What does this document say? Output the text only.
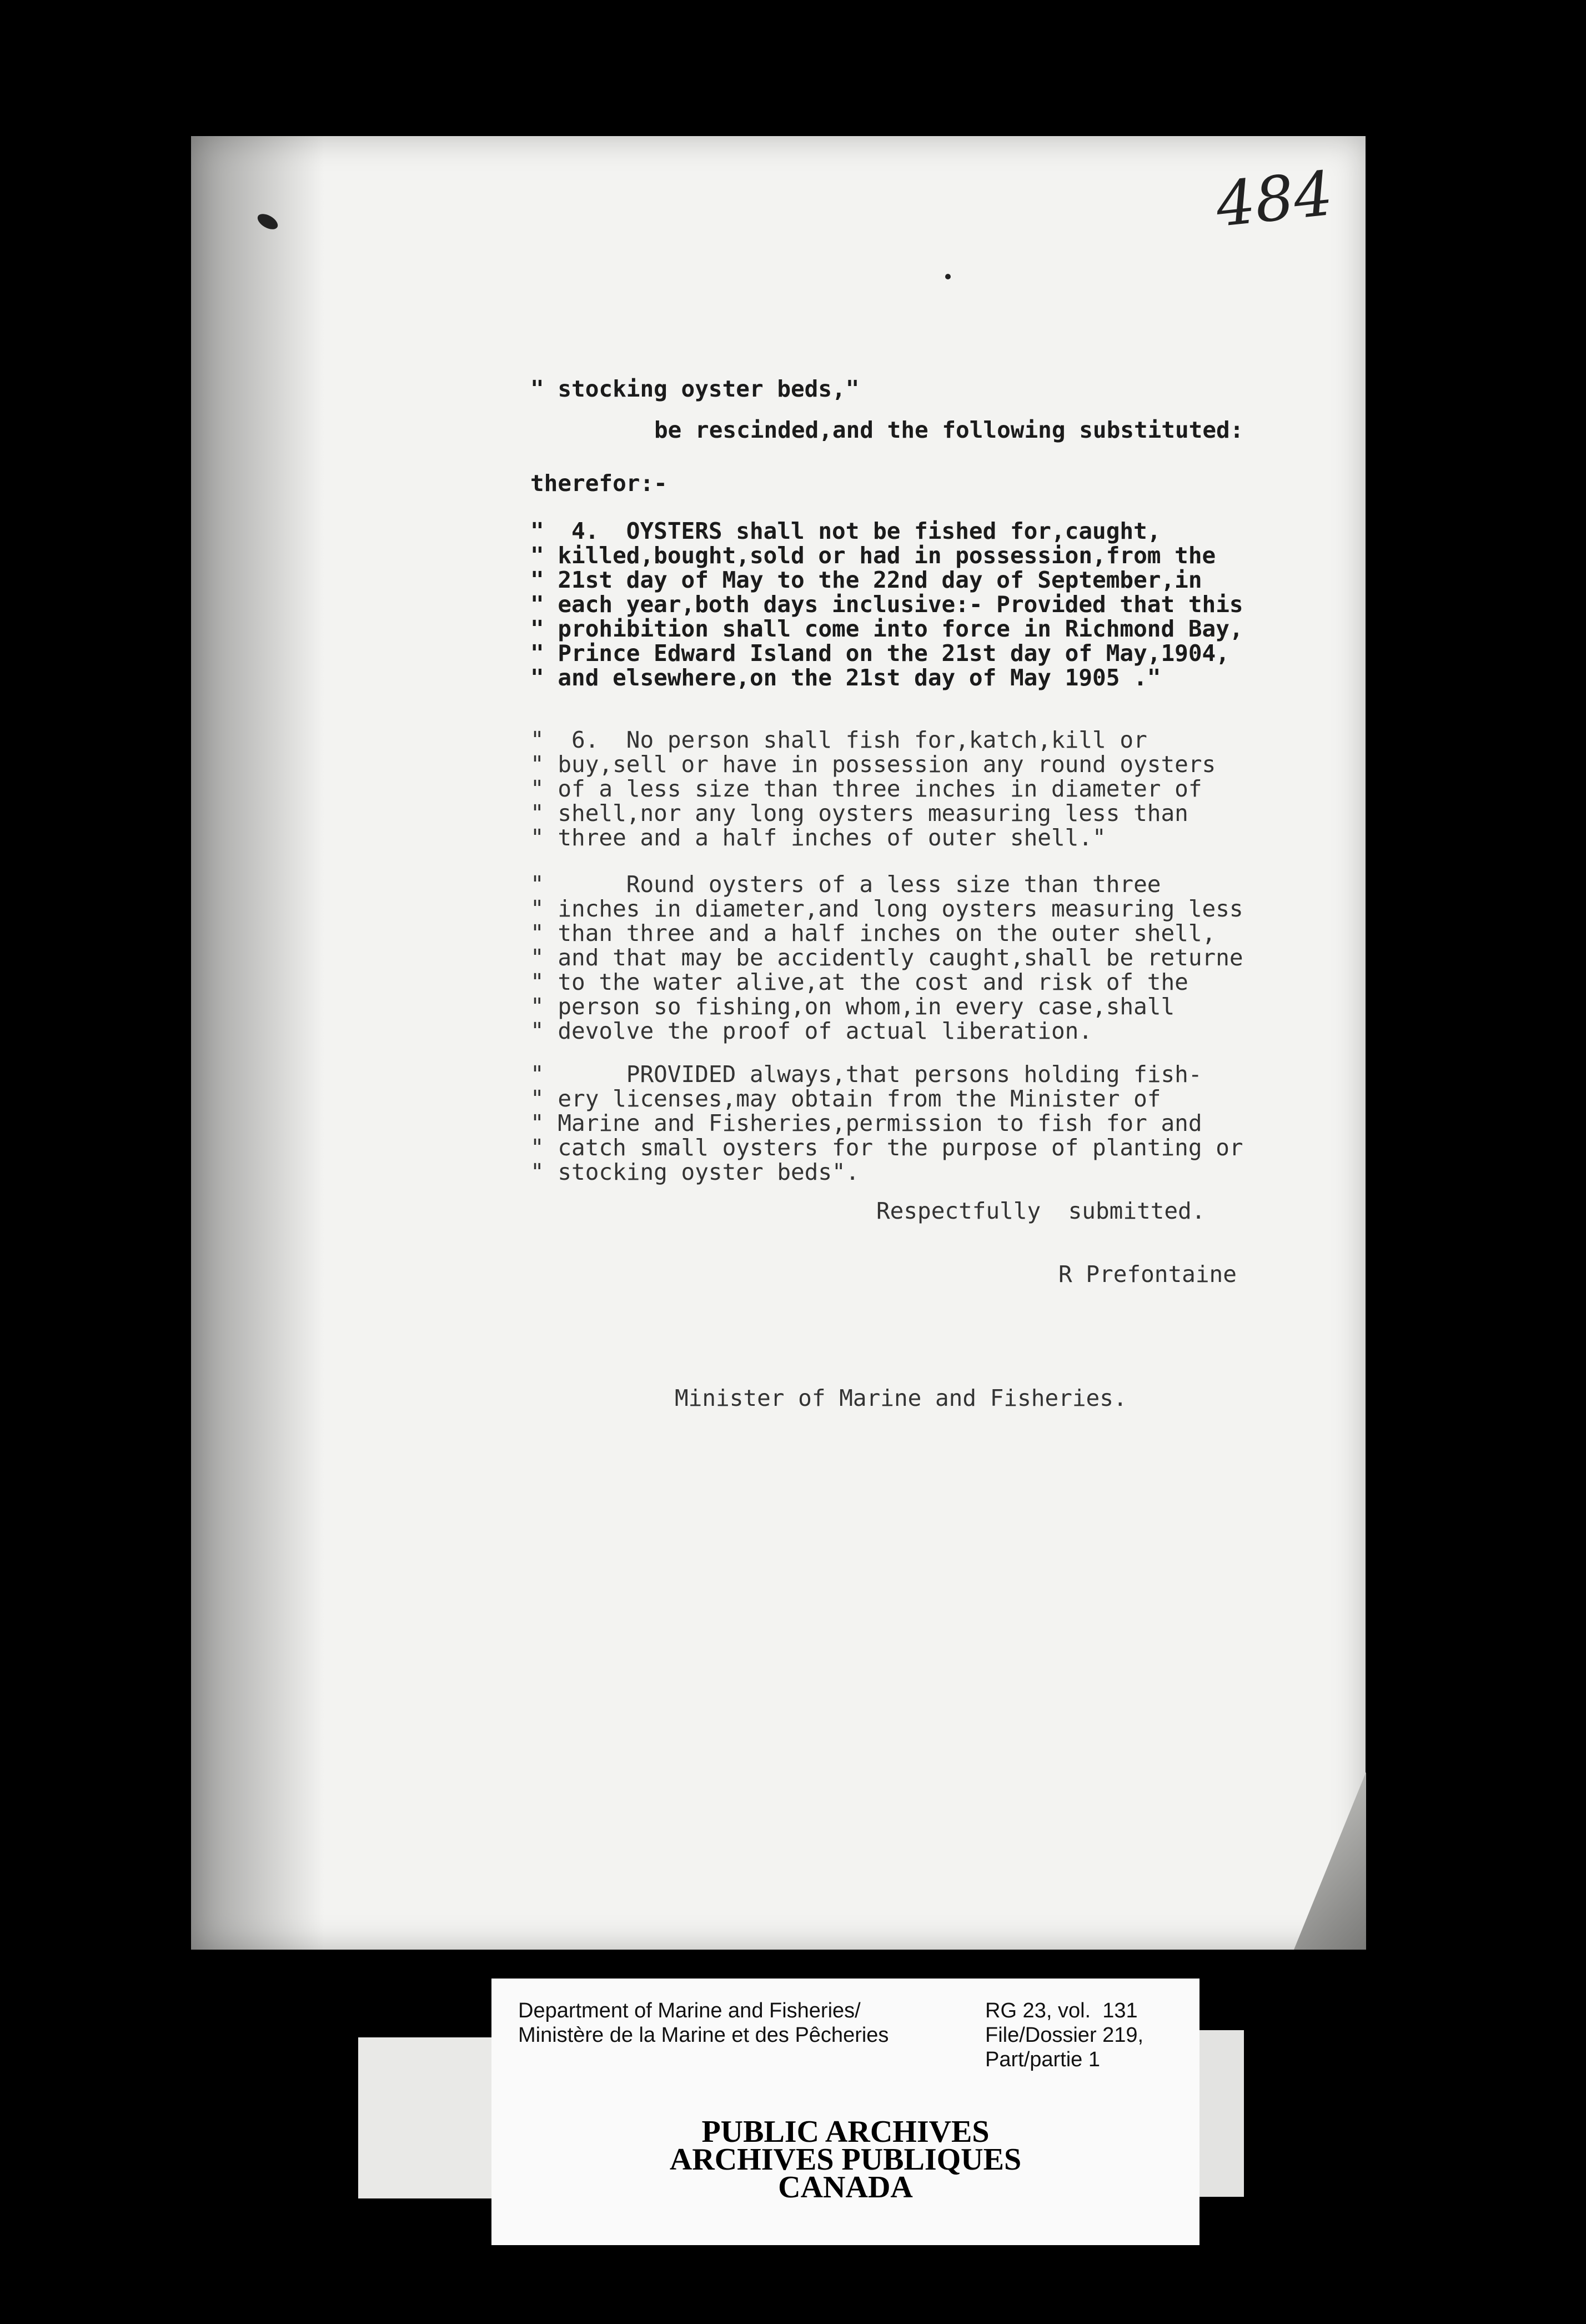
484
" stocking oyster beds,"
be rescinded,and the following substituted:
therefor:-
"  4.  OYSTERS shall not be fished for,caught,
" killed,bought,sold or had in possession,from the
" 21st day of May to the 22nd day of September,in
" each year,both days inclusive:- Provided that this
" prohibition shall come into force in Richmond Bay,
" Prince Edward Island on the 21st day of May,1904,
" and elsewhere,on the 21st day of May 1905 ."
"  6.  No person shall fish for,katch,kill or
" buy,sell or have in possession any round oysters
" of a less size than three inches in diameter of
" shell,nor any long oysters measuring less than
" three and a half inches of outer shell."
"      Round oysters of a less size than three
" inches in diameter,and long oysters measuring less
" than three and a half inches on the outer shell,
" and that may be accidently caught,shall be returne
" to the water alive,at the cost and risk of the
" person so fishing,on whom,in every case,shall
" devolve the proof of actual liberation.
"      PROVIDED always,that persons holding fish-
" ery licenses,may obtain from the Minister of
" Marine and Fisheries,permission to fish for and
" catch small oysters for the purpose of planting or
" stocking oyster beds".
Respectfully  submitted.
R Prefontaine
Minister of Marine and Fisheries.
Department of Marine and Fisheries/
Ministère de la Marine et des Pêcheries
RG 23, vol.  131
File/Dossier 219,
Part/partie 1
PUBLIC ARCHIVES
ARCHIVES PUBLIQUES
CANADA
